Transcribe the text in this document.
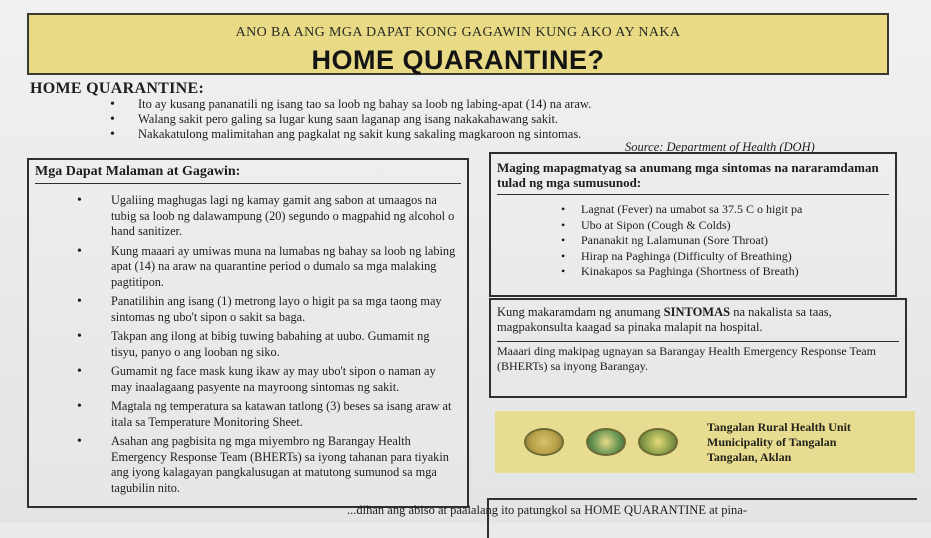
ANO BA ANG MGA DAPAT KONG GAGAWIN KUNG AKO AY NAKA
HOME QUARANTINE?
HOME QUARANTINE:
• Ito ay kusang pananatili ng isang tao sa loob ng bahay sa loob ng labing-apat (14) na araw.
• Walang sakit pero galing sa lugar kung saan laganap ang isang nakakahawang sakit.
• Nakakatulong malimitahan ang pagkalat ng sakit kung sakaling magkaroon ng sintomas.
Source: Department of Health (DOH)
Mga Dapat Malaman at Gagawin:
• Ugaliing maghugas lagi ng kamay gamit ang sabon at umaagos na tubig sa loob ng dalawampung (20) segundo o magpahid ng alcohol o hand sanitizer.
• Kung maaari ay umiwas muna na lumabas ng bahay sa loob ng labing apat (14) na araw na quarantine period o dumalo sa mga malaking pagtitipon.
• Panatilihin ang isang (1) metrong layo o higit pa sa mga taong may sintomas ng ubo't sipon o sakit sa baga.
• Takpan ang ilong at bibig tuwing babahing at uubo. Gumamit ng tisyu, panyo o ang looban ng siko.
• Gumamit ng face mask kung ikaw ay may ubo't sipon o naman ay may inaalagaang pasyente na mayroong sintomas ng sakit.
• Magtala ng temperatura sa katawan tatlong (3) beses sa isang araw at itala sa Temperature Monitoring Sheet.
• Asahan ang pagbisita ng mga miyembro ng Barangay Health Emergency Response Team (BHERTs) sa iyong tahanan para tiyakin ang iyong kalagayan pangkalusugan at matutong sumunod sa mga tagubilin nito.
Maging mapagmatyag sa anumang mga sintomas na nararamdaman tulad ng mga sumusunod:
• Lagnat (Fever) na umabot sa 37.5 C o higit pa
• Ubo at Sipon (Cough & Colds)
• Pananakit ng Lalamunan (Sore Throat)
• Hirap na Paghinga (Difficulty of Breathing)
• Kinakapos sa Paghinga (Shortness of Breath)
Kung makaramdam ng anumang SINTOMAS na nakalista sa taas, magpakonsulta kaagad sa pinaka malapit na hospital.
Maaari ding makipag ugnayan sa Barangay Health Emergency Response Team (BHERTs) sa inyong Barangay.
Tangalan Rural Health Unit
Municipality of Tangalan
Tangalan, Aklan
...dihan ang abiso at paalalang ito patungkol sa HOME QUARANTINE at pina-
